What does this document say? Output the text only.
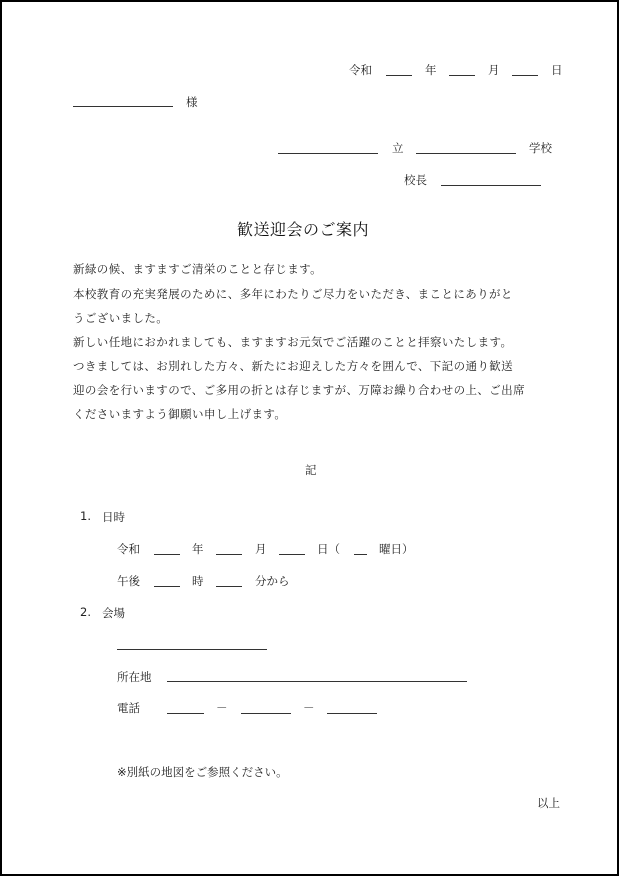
令和	年	月	日
様
立	学校
校長
歓送迎会のご案内
新緑の候、ますますご清栄のことと存じます。
本校教育の充実発展のために、多年にわたりご尽力をいただき、まことにありがと
うございました。
新しい任地におかれましても、ますますお元気でご活躍のことと拝察いたします。
つきましては、お別れした方々、新たにお迎えした方々を囲んで、下記の通り歓送
迎の会を行いますので、ご多用の折とは存じますが、万障お繰り合わせの上、ご出席
くださいますよう御願い申し上げます。
記
1. 日時
令和	年	月	日（	曜日）
午後	時	分から
2. 会場
所在地
電話	－	－
※別紙の地図をご参照ください。
以上
